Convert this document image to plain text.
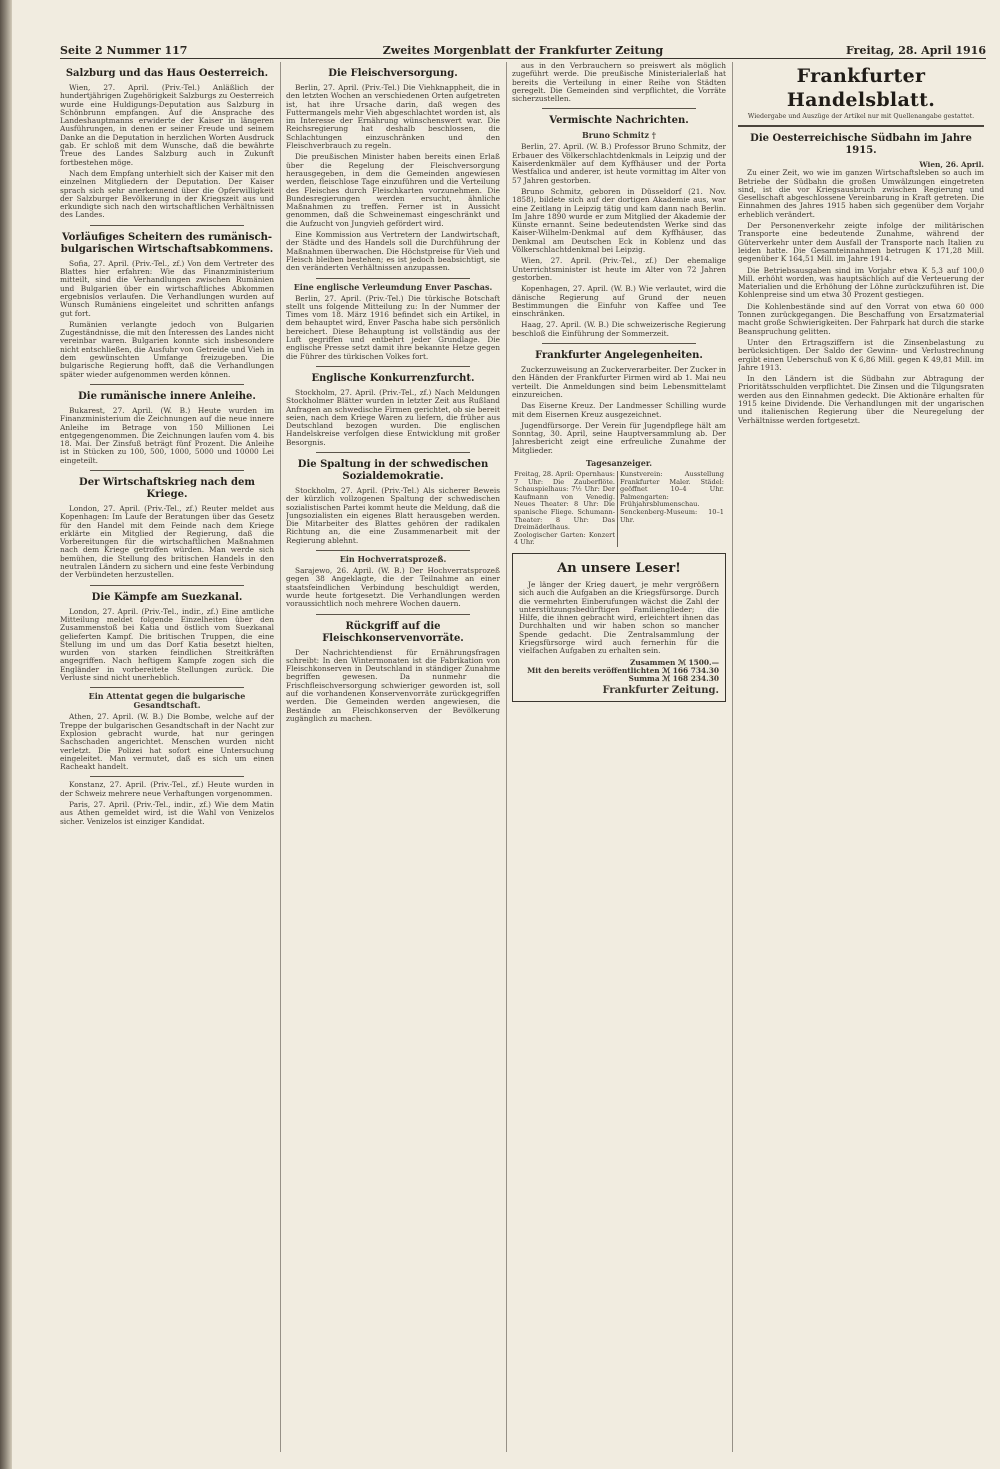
Seite 2 Nummer 117	Zweites Morgenblatt der Frankfurter Zeitung	Freitag, 28. April 1916
Salzburg und das Haus Oesterreich.

Wien, 27. April. (Priv.-Tel.) Anläßlich der hundertjährigen Zugehörigkeit Salzburgs zu Oesterreich wurde eine Huldigungs-Deputation aus Salzburg in Schönbrunn empfangen. Auf die Ansprache des Landeshauptmanns erwiderte der Kaiser in längeren Ausführungen, in denen er seiner Freude und seinem Danke an die Deputation in herzlichen Worten Ausdruck gab. Er schloß mit dem Wunsche, daß die bewährte Treue des Landes Salzburg auch in Zukunft fortbestehen möge.

Nach dem Empfang unterhielt sich der Kaiser mit den einzelnen Mitgliedern der Deputation. Der Kaiser sprach sich sehr anerkennend über die Opferwilligkeit der Salzburger Bevölkerung in der Kriegszeit aus und erkundigte sich nach den wirtschaftlichen Verhältnissen des Landes.

Vorläufiges Scheitern des rumänisch-bulgarischen Wirtschaftsabkommens.

Sofia, 27. April. (Priv.-Tel., zf.) Von dem Vertreter des Blattes hier erfahren: Wie das Finanzministerium mitteilt, sind die Verhandlungen zwischen Rumänien und Bulgarien über ein wirtschaftliches Abkommen ergebnislos verlaufen. Die Verhandlungen wurden auf Wunsch Rumäniens eingeleitet und schritten anfangs gut fort.

Rumänien verlangte jedoch von Bulgarien Zugeständnisse, die mit den Interessen des Landes nicht vereinbar waren. Bulgarien konnte sich insbesondere nicht entschließen, die Ausfuhr von Getreide und Vieh in dem gewünschten Umfange freizugeben. Die bulgarische Regierung hofft, daß die Verhandlungen später wieder aufgenommen werden können.

Die rumänische innere Anleihe.

Bukarest, 27. April. (W. B.) Heute wurden im Finanzministerium die Zeichnungen auf die neue innere Anleihe im Betrage von 150 Millionen Lei entgegengenommen. Die Zeichnungen laufen vom 4. bis 18. Mai. Der Zinsfuß beträgt fünf Prozent. Die Anleihe ist in Stücken zu 100, 500, 1000, 5000 und 10000 Lei eingeteilt.

Der Wirtschaftskrieg nach dem Kriege.

London, 27. April. (Priv.-Tel., zf.) Reuter meldet aus Kopenhagen: Im Laufe der Beratungen über das Gesetz für den Handel mit dem Feinde nach dem Kriege erklärte ein Mitglied der Regierung, daß die Vorbereitungen für die wirtschaftlichen Maßnahmen nach dem Kriege getroffen würden. Man werde sich bemühen, die Stellung des britischen Handels in den neutralen Ländern zu sichern und eine feste Verbindung der Verbündeten herzustellen.

Die Kämpfe am Suezkanal.

London, 27. April. (Priv.-Tel., indir., zf.) Eine amtliche Mitteilung meldet folgende Einzelheiten über den Zusammenstoß bei Katia und östlich vom Suezkanal gelieferten Kampf. Die britischen Truppen, die eine Stellung im und um das Dorf Katia besetzt hielten, wurden von starken feindlichen Streitkräften angegriffen. Nach heftigem Kampfe zogen sich die Engländer in vorbereitete Stellungen zurück. Die Verluste sind nicht unerheblich.

Ein Attentat gegen die bulgarische Gesandtschaft.

Athen, 27. April. (W. B.) Die Bombe, welche auf der Treppe der bulgarischen Gesandtschaft in der Nacht zur Explosion gebracht wurde, hat nur geringen Sachschaden angerichtet. Menschen wurden nicht verletzt. Die Polizei hat sofort eine Untersuchung eingeleitet. Man vermutet, daß es sich um einen Racheakt handelt.

Konstanz, 27. April. (Priv.-Tel., zf.) Heute wurden in der Schweiz mehrere neue Verhaftungen vorgenommen.

Paris, 27. April. (Priv.-Tel., indir., zf.) Wie dem Matin aus Athen gemeldet wird, ist die Wahl von Venizelos sicher. Venizelos ist einziger Kandidat.

Die Fleischversorgung.

Berlin, 27. April. (Priv.-Tel.) Die Viehknappheit, die in den letzten Wochen an verschiedenen Orten aufgetreten ist, hat ihre Ursache darin, daß wegen des Futtermangels mehr Vieh abgeschlachtet worden ist, als im Interesse der Ernährung wünschenswert war. Die Reichsregierung hat deshalb beschlossen, die Schlachtungen einzuschränken und den Fleischverbrauch zu regeln.

Die preußischen Minister haben bereits einen Erlaß über die Regelung der Fleischversorgung herausgegeben, in dem die Gemeinden angewiesen werden, fleischlose Tage einzuführen und die Verteilung des Fleisches durch Fleischkarten vorzunehmen. Die Bundesregierungen werden ersucht, ähnliche Maßnahmen zu treffen. Ferner ist in Aussicht genommen, daß die Schweinemast eingeschränkt und die Aufzucht von Jungvieh gefördert wird.

Eine Kommission aus Vertretern der Landwirtschaft, der Städte und des Handels soll die Durchführung der Maßnahmen überwachen. Die Höchstpreise für Vieh und Fleisch bleiben bestehen; es ist jedoch beabsichtigt, sie den veränderten Verhältnissen anzupassen.

Eine englische Verleumdung Enver Paschas.

Berlin, 27. April. (Priv.-Tel.) Die türkische Botschaft stellt uns folgende Mitteilung zu: In der Nummer der Times vom 18. März 1916 befindet sich ein Artikel, in dem behauptet wird, Enver Pascha habe sich persönlich bereichert. Diese Behauptung ist vollständig aus der Luft gegriffen und entbehrt jeder Grundlage. Die englische Presse setzt damit ihre bekannte Hetze gegen die Führer des türkischen Volkes fort.

Englische Konkurrenzfurcht.

Stockholm, 27. April. (Priv.-Tel., zf.) Nach Meldungen Stockholmer Blätter wurden in letzter Zeit aus Rußland Anfragen an schwedische Firmen gerichtet, ob sie bereit seien, nach dem Kriege Waren zu liefern, die früher aus Deutschland bezogen wurden. Die englischen Handelskreise verfolgen diese Entwicklung mit großer Besorgnis.

Die Spaltung in der schwedischen Sozialdemokratie.

Stockholm, 27. April. (Priv.-Tel.) Als sicherer Beweis der kürzlich vollzogenen Spaltung der schwedischen sozialistischen Partei kommt heute die Meldung, daß die Jungsozialisten ein eigenes Blatt herausgeben werden. Die Mitarbeiter des Blattes gehören der radikalen Richtung an, die eine Zusammenarbeit mit der Regierung ablehnt.

Ein Hochverratsprozeß.

Sarajewo, 26. April. (W. B.) Der Hochverratsprozeß gegen 38 Angeklagte, die der Teilnahme an einer staatsfeindlichen Verbindung beschuldigt werden, wurde heute fortgesetzt. Die Verhandlungen werden voraussichtlich noch mehrere Wochen dauern.

Rückgriff auf die Fleischkonservenvorräte.

Der Nachrichtendienst für Ernährungsfragen schreibt: In den Wintermonaten ist die Fabrikation von Fleischkonserven in Deutschland in ständiger Zunahme begriffen gewesen. Da nunmehr die Frischfleischversorgung schwieriger geworden ist, soll auf die vorhandenen Konservenvorräte zurückgegriffen werden. Die Gemeinden werden angewiesen, die Bestände an Fleischkonserven der Bevölkerung zugänglich zu machen.

aus in den Verbrauchern so preiswert als möglich zugeführt werde. Die preußische Ministerialerlaß hat bereits die Verteilung in einer Reihe von Städten geregelt. Die Gemeinden sind verpflichtet, die Vorräte sicherzustellen.

Vermischte Nachrichten.
Bruno Schmitz †

Berlin, 27. April. (W. B.) Professor Bruno Schmitz, der Erbauer des Völkerschlachtdenkmals in Leipzig und der Kaiserdenkmäler auf dem Kyffhäuser und der Porta Westfalica und anderer, ist heute vormittag im Alter von 57 Jahren gestorben.

Bruno Schmitz, geboren in Düsseldorf (21. Nov. 1858), bildete sich auf der dortigen Akademie aus, war eine Zeitlang in Leipzig tätig und kam dann nach Berlin. Im Jahre 1890 wurde er zum Mitglied der Akademie der Künste ernannt. Seine bedeutendsten Werke sind das Kaiser-Wilhelm-Denkmal auf dem Kyffhäuser, das Denkmal am Deutschen Eck in Koblenz und das Völkerschlachtdenkmal bei Leipzig.

Wien, 27. April. (Priv.-Tel., zf.) Der ehemalige Unterrichtsminister ist heute im Alter von 72 Jahren gestorben.

Kopenhagen, 27. April. (W. B.) Wie verlautet, wird die dänische Regierung auf Grund der neuen Bestimmungen die Einfuhr von Kaffee und Tee einschränken.

Haag, 27. April. (W. B.) Die schweizerische Regierung beschloß die Einführung der Sommerzeit.

Frankfurter Angelegenheiten.

Zuckerzuweisung an Zuckerverarbeiter. Der Zucker in den Händen der Frankfurter Firmen wird ab 1. Mai neu verteilt. Die Anmeldungen sind beim Lebensmittelamt einzureichen.

Das Eiserne Kreuz. Der Landmesser Schilling wurde mit dem Eisernen Kreuz ausgezeichnet.

Jugendfürsorge. Der Verein für Jugendpflege hält am Sonntag, 30. April, seine Hauptversammlung ab. Der Jahresbericht zeigt eine erfreuliche Zunahme der Mitglieder.

Tagesanzeiger.
Freitag, 28. April: Opernhaus: 7 Uhr: Die Zauberflöte. Schauspielhaus: 7½ Uhr: Der Kaufmann von Venedig. Neues Theater: 8 Uhr: Die spanische Fliege. Schumann-Theater: 8 Uhr: Das Dreimäderlhaus. Zoologischer Garten: Konzert 4 Uhr.	Kunstverein: Ausstellung Frankfurter Maler. Städel: geöffnet 10–4 Uhr. Palmengarten: Frühjahrsblumenschau. Senckenberg-Museum: 10–1 Uhr.
An unsere Leser!

Je länger der Krieg dauert, je mehr vergrößern sich auch die Aufgaben an die Kriegsfürsorge. Durch die vermehrten Einberufungen wächst die Zahl der unterstützungsbedürftigen Familienglieder; die Hilfe, die ihnen gebracht wird, erleichtert ihnen das Durchhalten und wir haben schon so mancher Spende gedacht. Die Zentralsammlung der Kriegsfürsorge wird auch fernerhin für die vielfachen Aufgaben zu erhalten sein.

Zusammen ℳ 1500.—
Mit den bereits veröffentlichten ℳ 166 734.30
Summa ℳ 168 234.30
Frankfurter Zeitung.
Frankfurter Handelsblatt.
Wiedergabe und Auszüge der Artikel nur mit Quellenangabe gestattet.
Die Oesterreichische Südbahn im Jahre 1915.
Wien, 26. April.

Zu einer Zeit, wo wie im ganzen Wirtschaftsleben so auch im Betriebe der Südbahn die großen Umwälzungen eingetreten sind, ist die vor Kriegsausbruch zwischen Regierung und Gesellschaft abgeschlossene Vereinbarung in Kraft getreten. Die Einnahmen des Jahres 1915 haben sich gegenüber dem Vorjahr erheblich verändert.

Der Personenverkehr zeigte infolge der militärischen Transporte eine bedeutende Zunahme, während der Güterverkehr unter dem Ausfall der Transporte nach Italien zu leiden hatte. Die Gesamteinnahmen betrugen K 171,28 Mill. gegenüber K 164,51 Mill. im Jahre 1914.

Die Betriebsausgaben sind im Vorjahr etwa K 5,3 auf 100,0 Mill. erhöht worden, was hauptsächlich auf die Verteuerung der Materialien und die Erhöhung der Löhne zurückzuführen ist. Die Kohlenpreise sind um etwa 30 Prozent gestiegen.

Die Kohlenbestände sind auf den Vorrat von etwa 60 000 Tonnen zurückgegangen. Die Beschaffung von Ersatzmaterial macht große Schwierigkeiten. Der Fahrpark hat durch die starke Beanspruchung gelitten.

Unter den Ertragsziffern ist die Zinsenbelastung zu berücksichtigen. Der Saldo der Gewinn- und Verlustrechnung ergibt einen Ueberschuß von K 6,86 Mill. gegen K 49,81 Mill. im Jahre 1913.

In den Ländern ist die Südbahn zur Abtragung der Prioritätsschulden verpflichtet. Die Zinsen und die Tilgungsraten werden aus den Einnahmen gedeckt. Die Aktionäre erhalten für 1915 keine Dividende. Die Verhandlungen mit der ungarischen und italienischen Regierung über die Neuregelung der Verhältnisse werden fortgesetzt.
